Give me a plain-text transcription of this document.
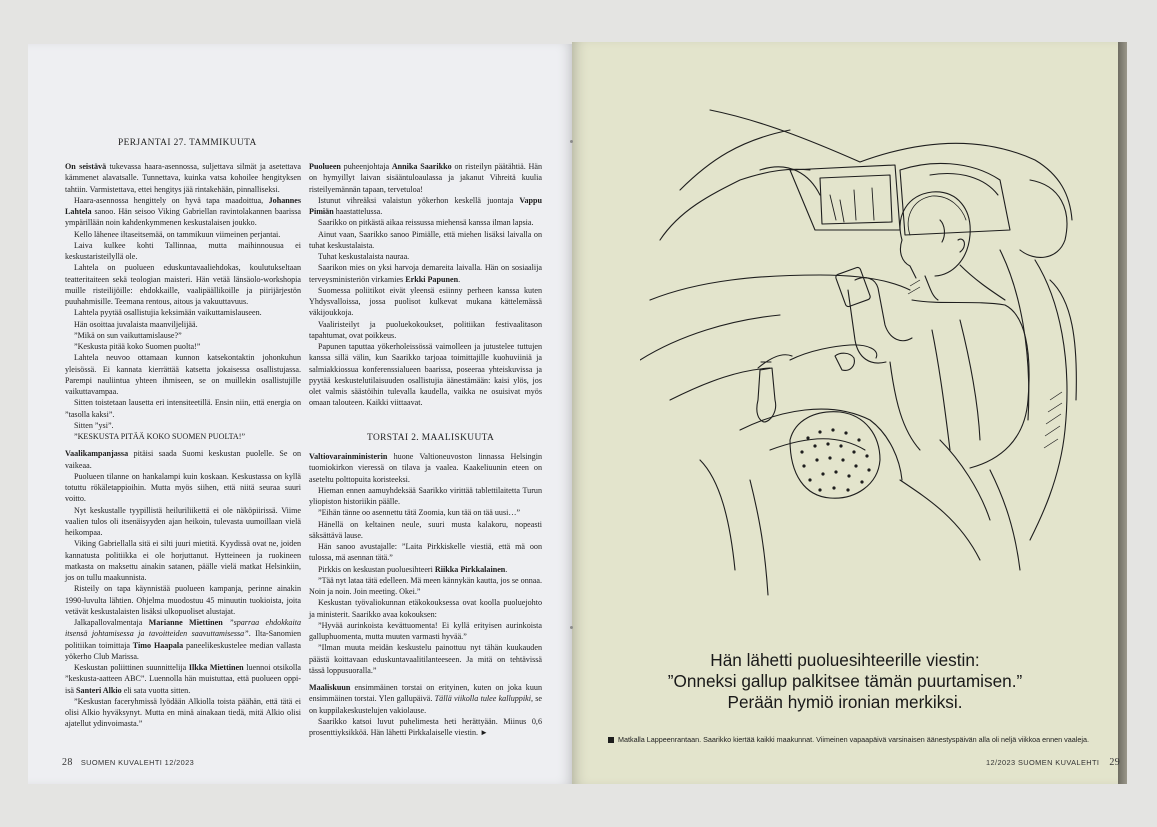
PERJANTAI 27. TAMMIKUUTA

On seistävä tukevassa haara-asennossa, suljettava silmät ja asetettava kämmenet alavatsalle. Tunnettava, kuinka vatsa kohoilee hengityksen tahtiin. Varmistettava, ettei hengitys jää rintakehään, pinnalliseksi.

Haara-asennossa hengittely on hyvä tapa maadoittua, Johannes Lahtela sanoo. Hän seisoo Viking Gabriellan ravintolakannen baarissa ympärillään noin kahdenkymmenen keskustalaisen joukko.

Kello lähenee iltaseitsemää, on tammikuun viimeinen perjantai.

Laiva kulkee kohti Tallinnaa, mutta maihinnousua ei keskustaristeilyllä ole.

Lahtela on puolueen eduskuntavaaliehdokas, koulutukseltaan teatteritaiteen sekä teologian maisteri. Hän vetää länsäolo-workshopia muille risteilijöille: ehdokkaille, vaalipäällikoille ja piirijärjestön puuhahmisille. Teemana rentous, aitous ja vakuuttavuus.

Lahtela pyytää osallistujia keksimään vaikuttamislauseen.

Hän osoittaa juvalaista maanviljelijää.

”Mikä on sun vaikuttamislause?”

”Keskusta pitää koko Suomen puolta!”

Lahtela neuvoo ottamaan kunnon katsekontaktin johonkuhun yleisössä. Ei kannata kierrättää katsetta jokaisessa osallistujassa. Parempi nauliintua yhteen ihmiseen, se on muillekin osallistujille vaikuttavampaa.

Sitten toistetaan lausetta eri intensiteetillä. Ensin niin, että energia on ”tasolla kaksi”.

Sitten ”ysi”.

”KESKUSTA PITÄÄ KOKO SUOMEN PUOLTA!”

Vaalikampanjassa pitäisi saada Suomi keskustan puolelle. Se on vaikeaa.

Puolueen tilanne on hankalampi kuin koskaan. Keskustassa on kyllä totuttu rökäletappioihin. Mutta myös siihen, että niitä seuraa suuri voitto.

Nyt keskustalle tyypillistä heiluriliikettä ei ole näköpiirissä. Viime vaalien tulos oli itsenäisyyden ajan heikoin, tulevasta uumoillaan vielä heikompaa.

Viking Gabriellalla sitä ei silti juuri mietitä. Kyydissä ovat ne, joiden kannatusta politiikka ei ole horjuttanut. Hytteineen ja ruokineen matkasta on maksettu ainakin satanen, päälle vielä matkat Helsinkiin, jos on tullu maakunnista.

Risteily on tapa käynnistää puolueen kampanja, perinne ainakin 1990-luvulta lähtien. Ohjelma muodostuu 45 minuutin tuokioista, joita vetävät keskustalaisten lisäksi ulkopuoliset alustajat.

Jalkapallovalmentaja Marianne Miettinen ”sparraa ehdokkaita itsensä johtamisessa ja tavoitteiden saavuttamisessa”. Ilta-Sanomien politiikan toimittaja Timo Haapala paneelikeskustelee median vallasta yökerho Club Marissa.

Keskustan poliittinen suunnittelija Ilkka Miettinen luennoi otsikolla ”keskusta-aatteen ABC”. Luennolla hän muistuttaa, että puolueen oppi-isä Santeri Alkio eli sata vuotta sitten.

”Keskustan faceryhmissä lyödään Alkiolla toista päähän, että tätä ei olisi Alkio hyväksynyt. Mutta en minä ainakaan tiedä, mitä Alkio olisi ajatellut ydinvoimasta.”

Puolueen puheenjohtaja Annika Saarikko on risteilyn päätähtiä. Hän on hymyillyt laivan sisääntuloaulassa ja jakanut Vihreitä kuulia risteilyemännän tapaan, tervetuloa!

Istunut vihreäksi valaistun yökerhon keskellä juontaja Vappu Pimiän haastattelussa.

Saarikko on pitkästä aikaa reissussa miehensä kanssa ilman lapsia.

Ainut vaan, Saarikko sanoo Pimiälle, että miehen lisäksi laivalla on tuhat keskustalaista.

Tuhat keskustalaista nauraa.

Saarikon mies on yksi harvoja demareita laivalla. Hän on sosiaalija terveysministeriön virkamies Erkki Papunen.

Suomessa poliitikot eivät yleensä esiinny perheen kanssa kuten Yhdysvalloissa, jossa puolisot kulkevat mukana kättelemässä väkijoukkoja.

Vaaliristeilyt ja puoluekokoukset, politiikan festivaalitason tapahtumat, ovat poikkeus.

Papunen taputtaa yökerholeissössä vaimolleen ja jutustelee tuttujen kanssa sillä välin, kun Saarikko tarjoaa toimittajille kuohuviiniä ja salmiakkiossua konferenssialueen baarissa, poseeraa yhteiskuvissa ja pyytää keskustelutilaisuuden osallistujia äänestämään: kaisi ylös, jos olet valmis säästöihin tulevalla kaudella, vaikka ne osuisivat myös omaan talouteen. Kaikki viittaavat.

TORSTAI 2. MAALISKUUTA

Valtiovarainministerin huone Valtioneuvoston linnassa Helsingin tuomiokirkon vieressä on tilava ja vaalea. Kaakeliuunin eteen on aseteltu polttopuita koristeeksi.

Hieman ennen aamuyhdeksää Saarikko virittää tablettilaitetta Turun yliopiston historiikin päälle.

”Eihän tänne oo asennettu tätä Zoomia, kun tää on tää uusi…”

Hänellä on keltainen neule, suuri musta kalakoru, nopeasti säksättävä lause.

Hän sanoo avustajalle: ”Laita Pirkkiskelle viestiä, että mä oon tulossa, mä asennan tätä.”

Pirkkis on keskustan puoluesihteeri Riikka Pirkkalainen.

”Tää nyt lataa tätä edelleen. Mä meen kännykän kautta, jos se onnaa. Noin ja noin. Join meeting. Okei.”

Keskustan työvaliokunnan etäkokouksessa ovat koolla puoluejohto ja ministerit. Saarikko avaa kokouksen:

”Hyvää aurinkoista kevättuomenta! Ei kyllä erityisen aurinkoista galluphuomenta, mutta muuten varmasti hyvää.”

”Ilman muuta meidän keskustelu painottuu nyt tähän kuukauden päästä koittavaan eduskuntavaalitilanteeseen. Ja mitä on tehtävissä tässä loppusuoralla.”

Maaliskuun ensimmäinen torstai on erityinen, kuten on joka kuun ensimmäinen torstai. Ylen gallupäivä. Tällä viikolla tulee kalluppiki, se on kuppilakeskustelujen vakiolause.

Saarikko katsoi luvut puhelimesta heti herättyään. Miinus 0,6 prosenttiyksikköä. Hän lähetti Pirkkalaiselle viestin. ►

28 SUOMEN KUVALEHTI 12/2023
Hän lähetti puoluesihteerille viestin:
”Onneksi gallup palkitsee tämän puurtamisen.”
Perään hymiö ironian merkiksi.
Matkalla Lappeenrantaan. Saarikko kiertää kaikki maakunnat. Viimeinen vapaapäivä varsinaisen äänestyspäivän alla oli neljä viikkoa ennen vaaleja.
12/2023 SUOMEN KUVALEHTI 29
